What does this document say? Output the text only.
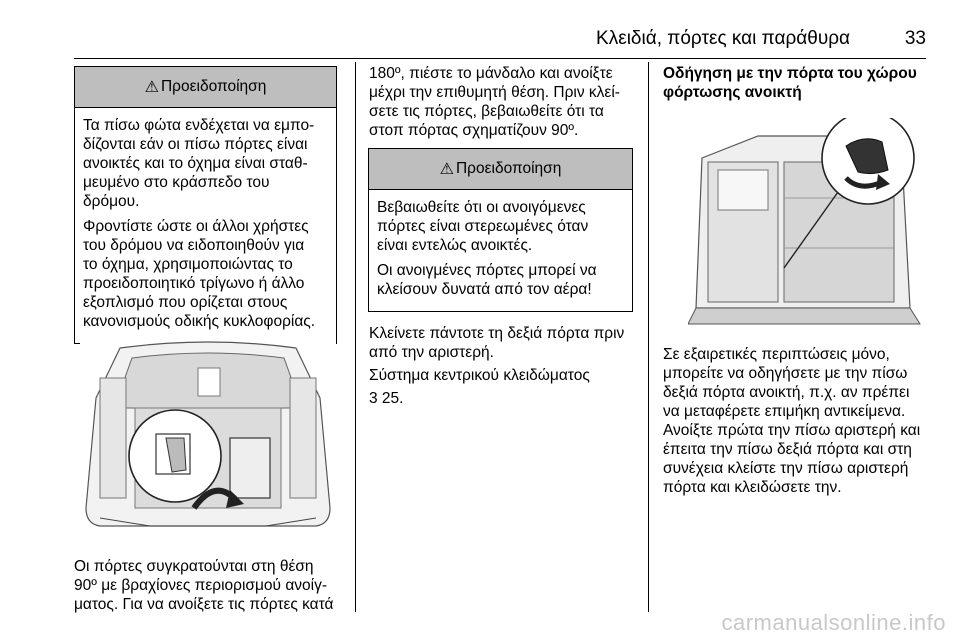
Κλειδιά, πόρτες και παράθυρα	33
⚠ Προειδοποίηση

Τα πίσω φώτα ενδέχεται να εμπο-
δίζονται εάν οι πίσω πόρτες είναι
ανοικτές και το όχημα είναι σταθ-
μευμένο στο κράσπεδο του
δρόμου.

Φροντίστε ώστε οι άλλοι χρήστες
του δρόμου να ειδοποιηθούν για
το όχημα, χρησιμοποιώντας το
προειδοποιητικό τρίγωνο ή άλλο
εξοπλισμό που ορίζεται στους
κανονισμούς οδικής κυκλοφορίας.

Οι πόρτες συγκρατούνται στη θέση
90º με βραχίονες περιορισμού ανοίγ-
ματος. Για να ανοίξετε τις πόρτες κατά

180º, πιέστε το μάνδαλο και ανοίξτε
μέχρι την επιθυμητή θέση. Πριν κλεί-
σετε τις πόρτες, βεβαιωθείτε ότι τα
στοπ πόρτας σχηματίζουν 90º.

⚠ Προειδοποίηση

Βεβαιωθείτε ότι οι ανοιγόμενες
πόρτες είναι στερεωμένες όταν
είναι εντελώς ανοικτές.

Οι ανοιγμένες πόρτες μπορεί να
κλείσουν δυνατά από τον αέρα!

Κλείνετε πάντοτε τη δεξιά πόρτα πριν
από την αριστερή.

Σύστημα κεντρικού κλειδώματος

3 25.

Οδήγηση με την πόρτα του χώρου
φόρτωσης ανοικτή

Σε εξαιρετικές περιπτώσεις μόνο,
μπορείτε να οδηγήσετε με την πίσω
δεξιά πόρτα ανοικτή, π.χ. αν πρέπει
να μεταφέρετε επιμήκη αντικείμενα.
Ανοίξτε πρώτα την πίσω αριστερή και
έπειτα την πίσω δεξιά πόρτα και στη
συνέχεια κλείστε την πίσω αριστερή
πόρτα και κλειδώσετε την.

carmanualsonline.info
